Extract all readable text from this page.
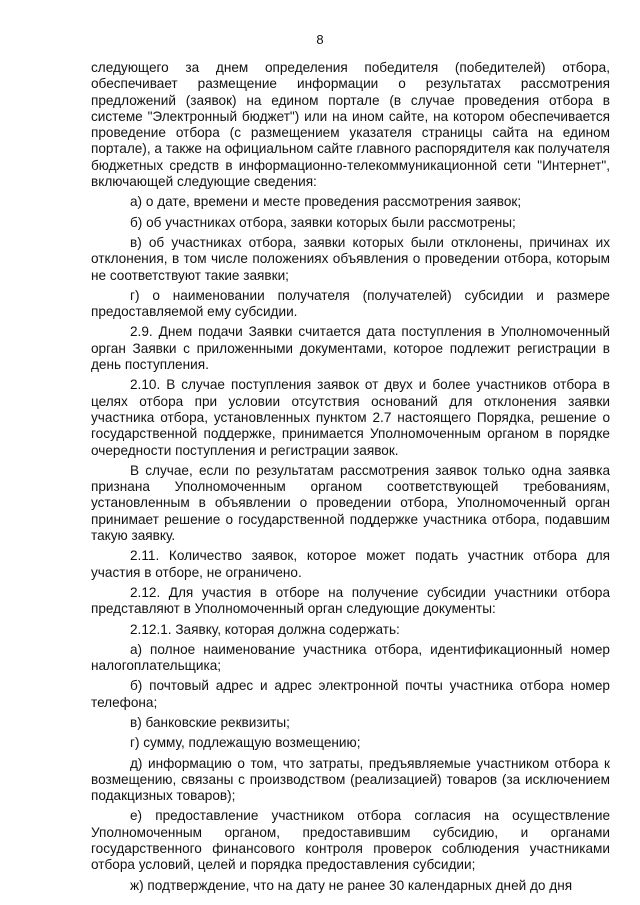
8

следующего за днем определения победителя (победителей) отбора, обеспечивает размещение информации о результатах рассмотрения предложений (заявок) на едином портале (в случае проведения отбора в системе "Электронный бюджет") или на ином сайте, на котором обеспечивается проведение отбора (с размещением указателя страницы сайта на едином портале), а также на официальном сайте главного распорядителя как получателя бюджетных средств в информационно-телекоммуникационной сети "Интернет", включающей следующие сведения:

а) о дате, времени и месте проведения рассмотрения заявок;

б) об участниках отбора, заявки которых были рассмотрены;

в) об участниках отбора, заявки которых были отклонены, причинах их отклонения, в том числе положениях объявления о проведении отбора, которым не соответствуют такие заявки;

г) о наименовании получателя (получателей) субсидии и размере предоставляемой ему субсидии.

2.9. Днем подачи Заявки считается дата поступления в Уполномоченный орган Заявки с приложенными документами, которое подлежит регистрации в день поступления.

2.10. В случае поступления заявок от двух и более участников отбора в целях отбора при условии отсутствия оснований для отклонения заявки участника отбора, установленных пунктом 2.7 настоящего Порядка, решение о государственной поддержке, принимается Уполномоченным органом в порядке очередности поступления и регистрации заявок.

В случае, если по результатам рассмотрения заявок только одна заявка признана Уполномоченным органом соответствующей требованиям, установленным в объявлении о проведении отбора, Уполномоченный орган принимает решение о государственной поддержке участника отбора, подавшим такую заявку.

2.11. Количество заявок, которое может подать участник отбора для участия в отборе, не ограничено.

2.12. Для участия в отборе на получение субсидии участники отбора представляют в Уполномоченный орган следующие документы:

2.12.1. Заявку, которая должна содержать:

а) полное наименование участника отбора, идентификационный номер налогоплательщика;

б) почтовый адрес и адрес электронной почты участника отбора номер телефона;

в) банковские реквизиты;

г) сумму, подлежащую возмещению;

д) информацию о том, что затраты, предъявляемые участником отбора к возмещению, связаны с производством (реализацией) товаров (за исключением подакцизных товаров);

е) предоставление участником отбора согласия на осуществление Уполномоченным органом, предоставившим субсидию, и органами государственного финансового контроля проверок соблюдения участниками отбора условий, целей и порядка предоставления субсидии;

ж) подтверждение, что на дату не ранее 30 календарных дней до дня
